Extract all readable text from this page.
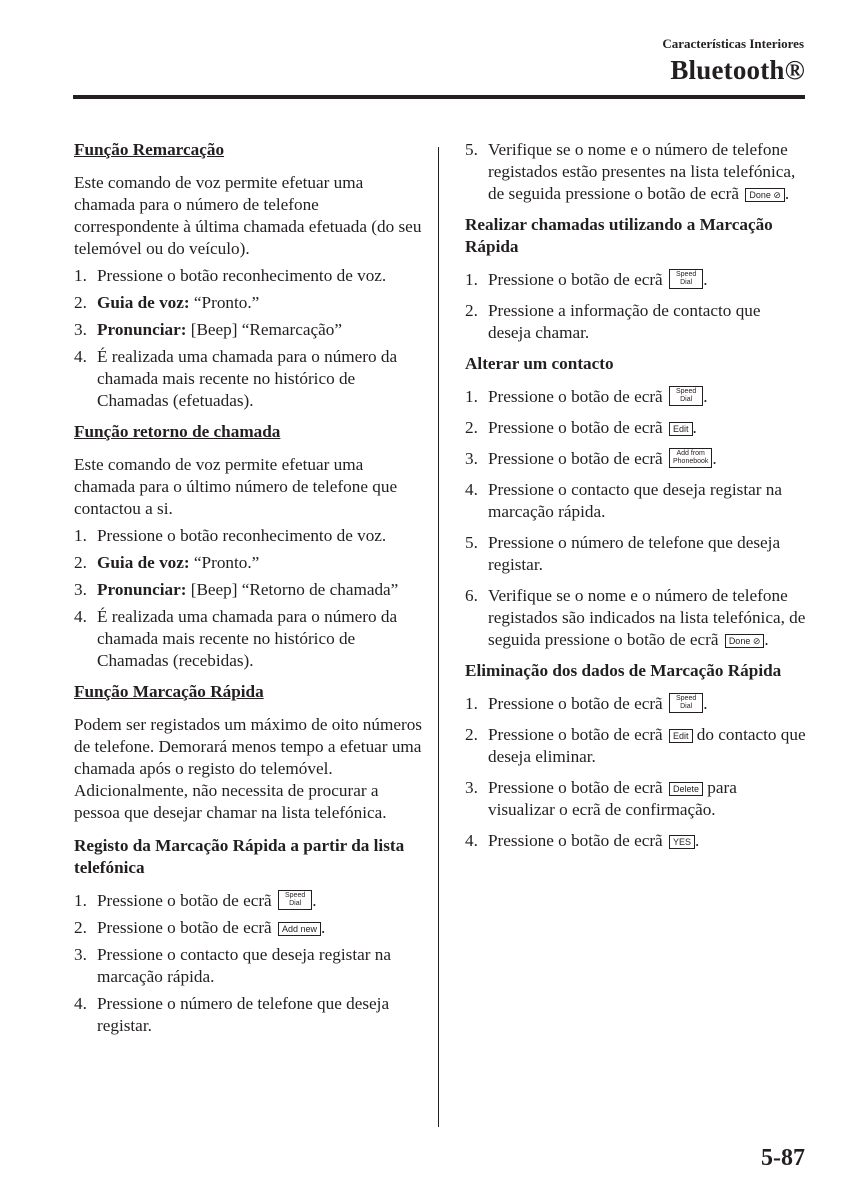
Características Interiores
Bluetooth®
Função Remarcação
Este comando de voz permite efetuar uma chamada para o número de telefone correspondente à última chamada efetuada (do seu telemóvel ou do veículo).
1. Pressione o botão reconhecimento de voz.
2. Guia de voz: “Pronto.”
3. Pronunciar: [Beep] “Remarcação”
4. É realizada uma chamada para o número da chamada mais recente no histórico de Chamadas (efetuadas).
Função retorno de chamada
Este comando de voz permite efetuar uma chamada para o último número de telefone que contactou a si.
1. Pressione o botão reconhecimento de voz.
2. Guia de voz: “Pronto.”
3. Pronunciar: [Beep] “Retorno de chamada”
4. É realizada uma chamada para o número da chamada mais recente no histórico de Chamadas (recebidas).
Função Marcação Rápida
Podem ser registados um máximo de oito números de telefone. Demorará menos tempo a efetuar uma chamada após o registo do telemóvel. Adicionalmente, não necessita de procurar a pessoa que desejar chamar na lista telefónica.
Registo da Marcação Rápida a partir da lista telefónica
1. Pressione o botão de ecrã Speed
Dial .
2. Pressione o botão de ecrã Add new .
3. Pressione o contacto que deseja registar na marcação rápida.
4. Pressione o número de telefone que deseja registar.
5. Verifique se o nome e o número de telefone registados estão presentes na lista telefónica, de seguida pressione o botão de ecrã Done ⊘ .
Realizar chamadas utilizando a Marcação Rápida
1. Pressione o botão de ecrã Speed
Dial .
2. Pressione a informação de contacto que deseja chamar.
Alterar um contacto
1. Pressione o botão de ecrã Speed
Dial .
2. Pressione o botão de ecrã Edit .
3. Pressione o botão de ecrã Add from
Phonebook .
4. Pressione o contacto que deseja registar na marcação rápida.
5. Pressione o número de telefone que deseja registar.
6. Verifique se o nome e o número de telefone registados são indicados na lista telefónica, de seguida pressione o botão de ecrã Done ⊘ .
Eliminação dos dados de Marcação Rápida
1. Pressione o botão de ecrã Speed
Dial .
2. Pressione o botão de ecrã Edit do contacto que deseja eliminar.
3. Pressione o botão de ecrã Delete para visualizar o ecrã de confirmação.
4. Pressione o botão de ecrã YES .
5-87
